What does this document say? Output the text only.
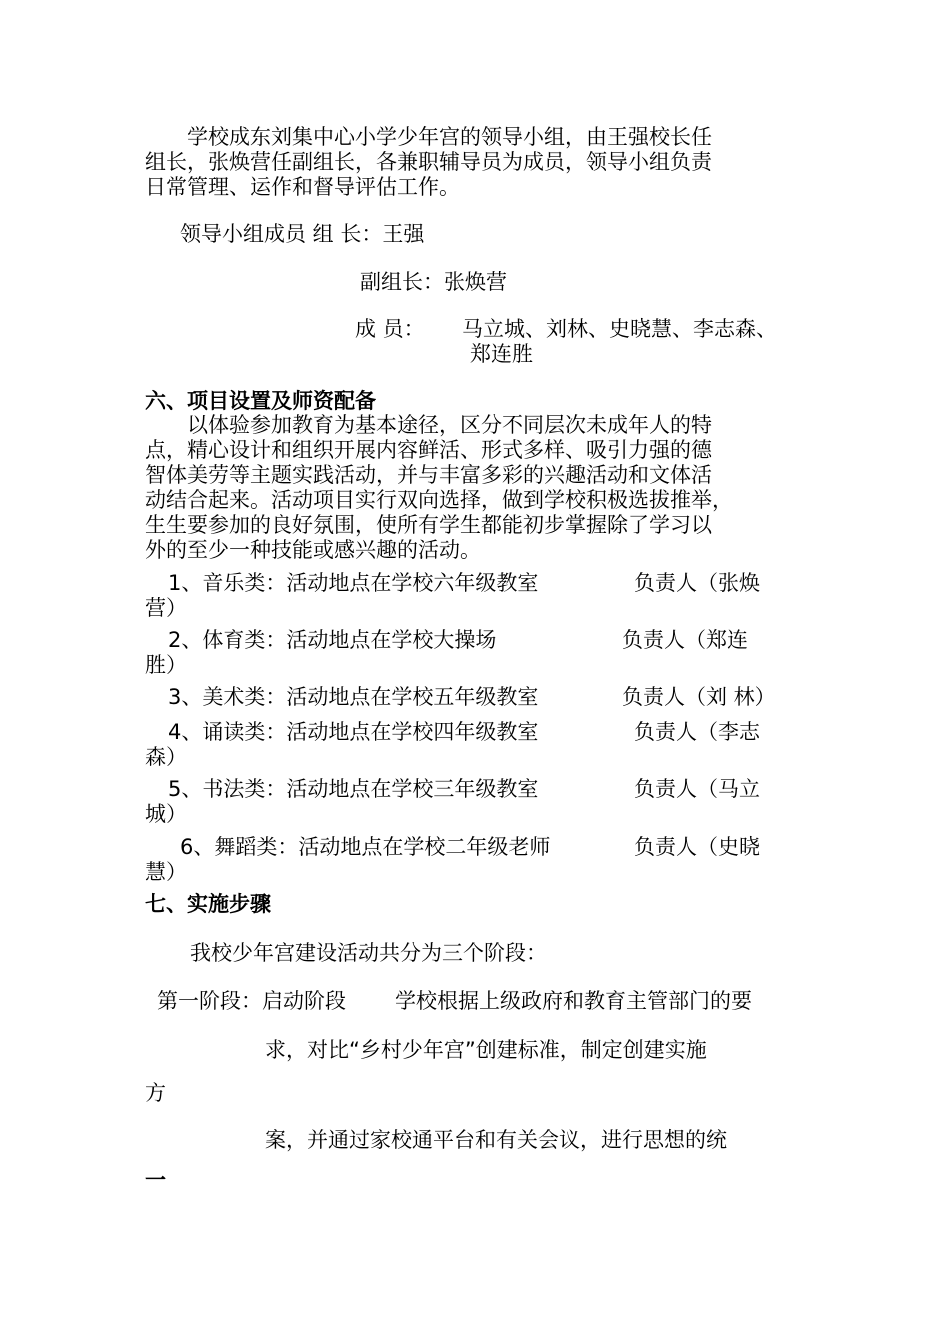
　　学校成东刘集中心小学少年宫的领导小组，由王强校长任
组长，张焕营任副组长，各兼职辅导员为成员，领导小组负责
日常管理、运作和督导评估工作。
领导小组成员 组 长：王强
副组长：张焕营
成 员： 马立城、刘林、史晓慧、李志森、
郑连胜
六、项目设置及师资配备
　　以体验参加教育为基本途径，区分不同层次未成年人的特
点，精心设计和组织开展内容鲜活、形式多样、吸引力强的德
智体美劳等主题实践活动，并与丰富多彩的兴趣活动和文体活
动结合起来。活动项目实行双向选择，做到学校积极选拔推举，
生生要参加的良好氛围，使所有学生都能初步掌握除了学习以
外的至少一种技能或感兴趣的活动。
1、音乐类：活动地点在学校六年级教室	负责人（张焕
营）
2、体育类：活动地点在学校大操场	负责人（郑连
胜）
3、美术类：活动地点在学校五年级教室	负责人（刘 林）
4、诵读类：活动地点在学校四年级教室	负责人（李志
森）
5、书法类：活动地点在学校三年级教室	负责人（马立
城）
6、舞蹈类：活动地点在学校二年级老师	负责人（史晓
慧）
七、实施步骤
我校少年宫建设活动共分为三个阶段：
第一阶段：启动阶段 学校根据上级政府和教育主管部门的要
求，对比“乡村少年宫”创建标准，制定创建实施
方
案，并通过家校通平台和有关会议，进行思想的统
一
